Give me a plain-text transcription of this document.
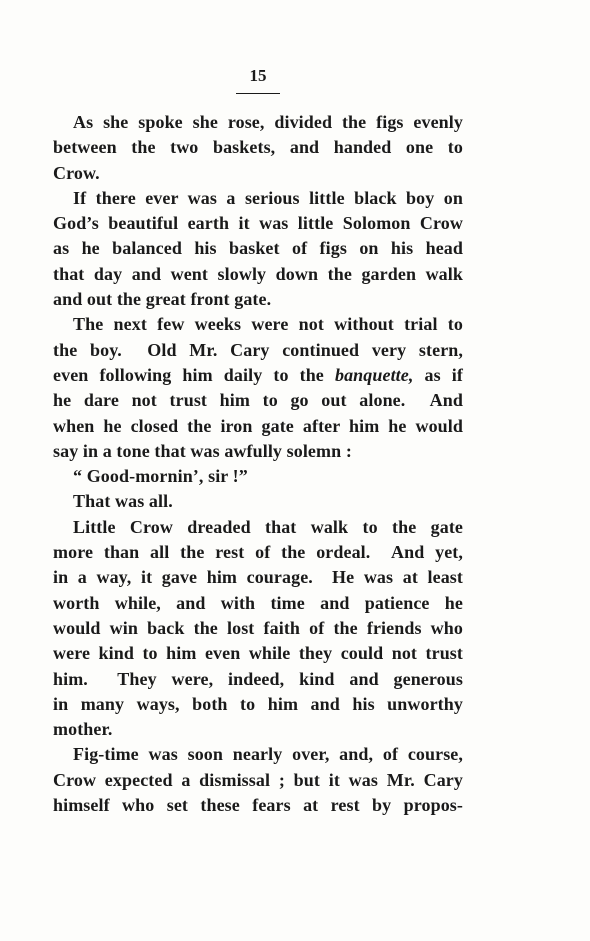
15
As she spoke she rose, divided the figs evenly
between the two baskets, and handed one to
Crow.
If there ever was a serious little black boy on
God’s beautiful earth it was little Solomon Crow
as he balanced his basket of figs on his head
that day and went slowly down the garden walk
and out the great front gate.
The next few weeks were not without trial to
the boy.  Old Mr. Cary continued very stern,
even following him daily to the banquette, as if
he dare not trust him to go out alone.  And
when he closed the iron gate after him he would
say in a tone that was awfully solemn :
“ Good-mornin’, sir !”
That was all.
Little Crow dreaded that walk to the gate
more than all the rest of the ordeal.  And yet,
in a way, it gave him courage.  He was at least
worth while, and with time and patience he
would win back the lost faith of the friends who
were kind to him even while they could not trust
him.  They were, indeed, kind and generous
in many ways, both to him and his unworthy
mother.
Fig-time was soon nearly over, and, of course,
Crow expected a dismissal ; but it was Mr. Cary
himself who set these fears at rest by propos-
